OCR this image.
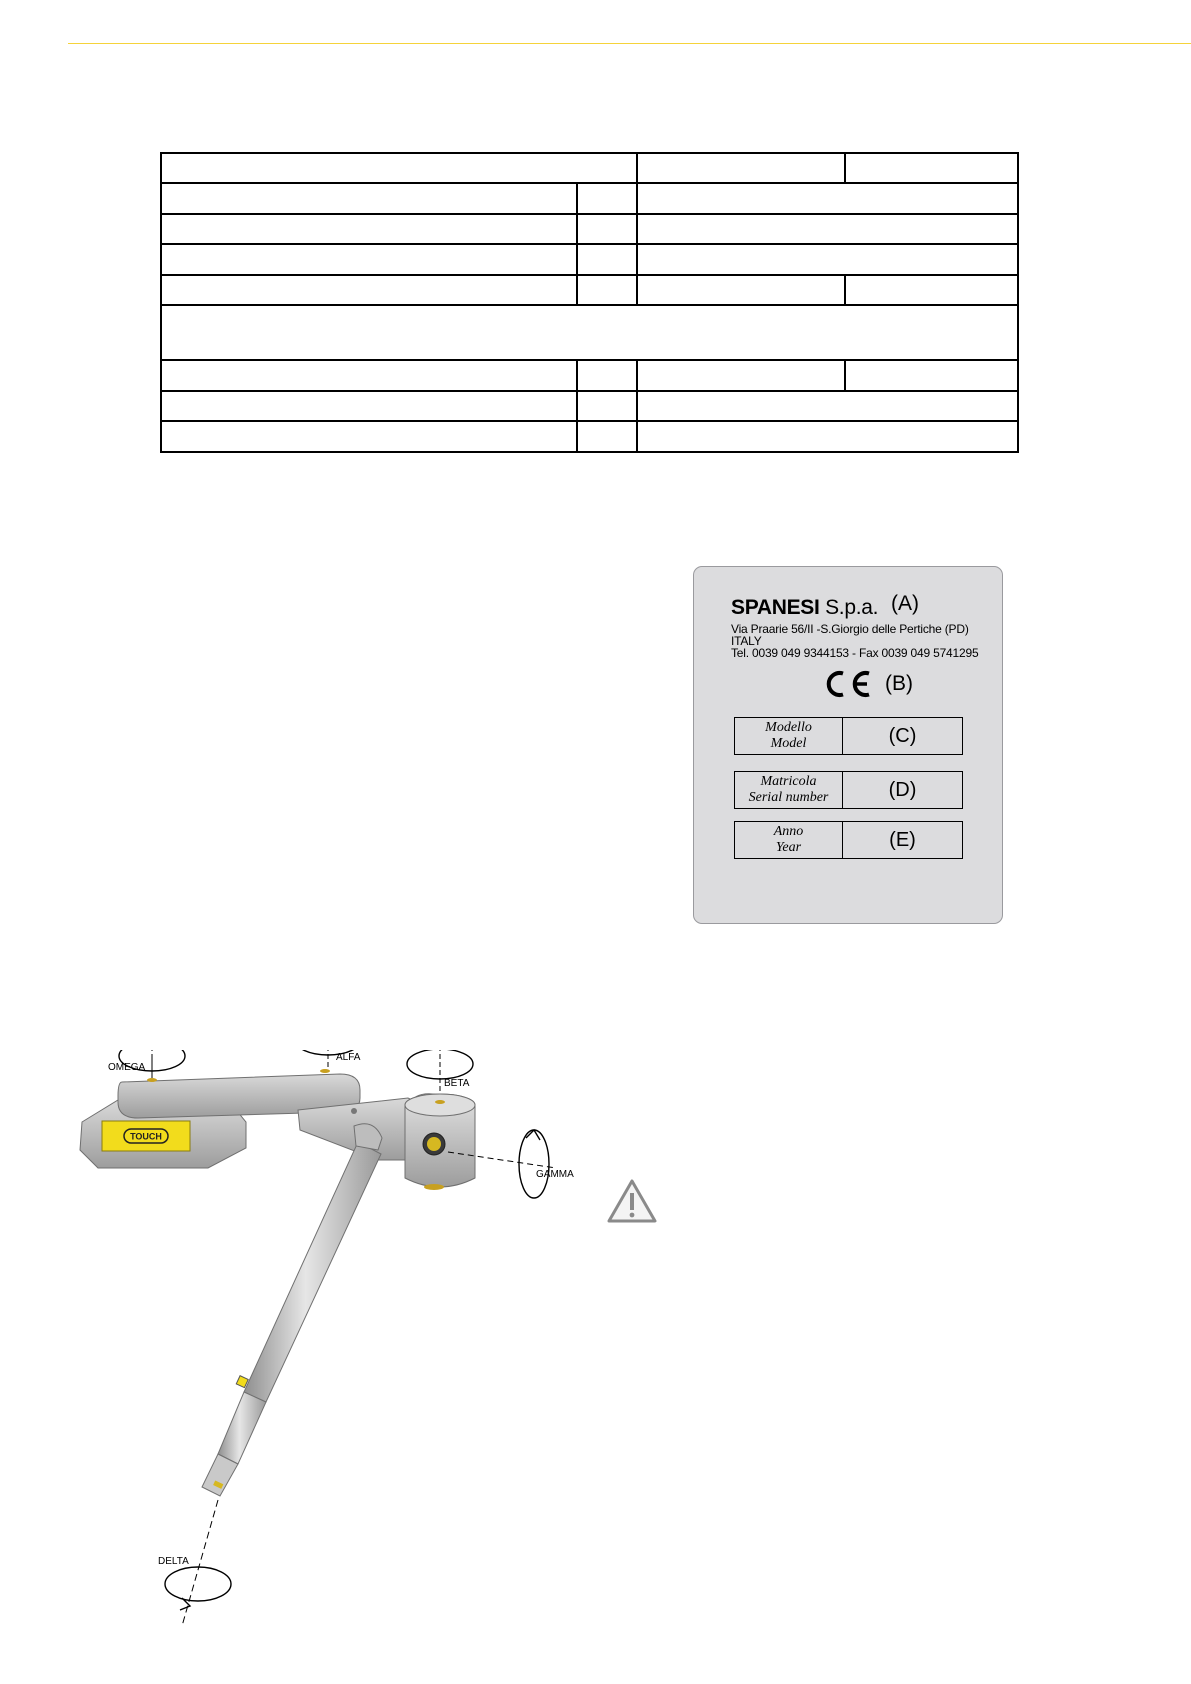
SPANESI S.p.a. (A)
Via Praarie 56/II -S.Giorgio delle Pertiche (PD)
ITALY
Tel. 0039 049 9344153 - Fax 0039 049 5741295
(B)
Modello
Model	(C)
Matricola
Serial number	(D)
Anno
Year	(E)
TOUCH
OMEGA
ALFA
BETA
GAMMA
DELTA
